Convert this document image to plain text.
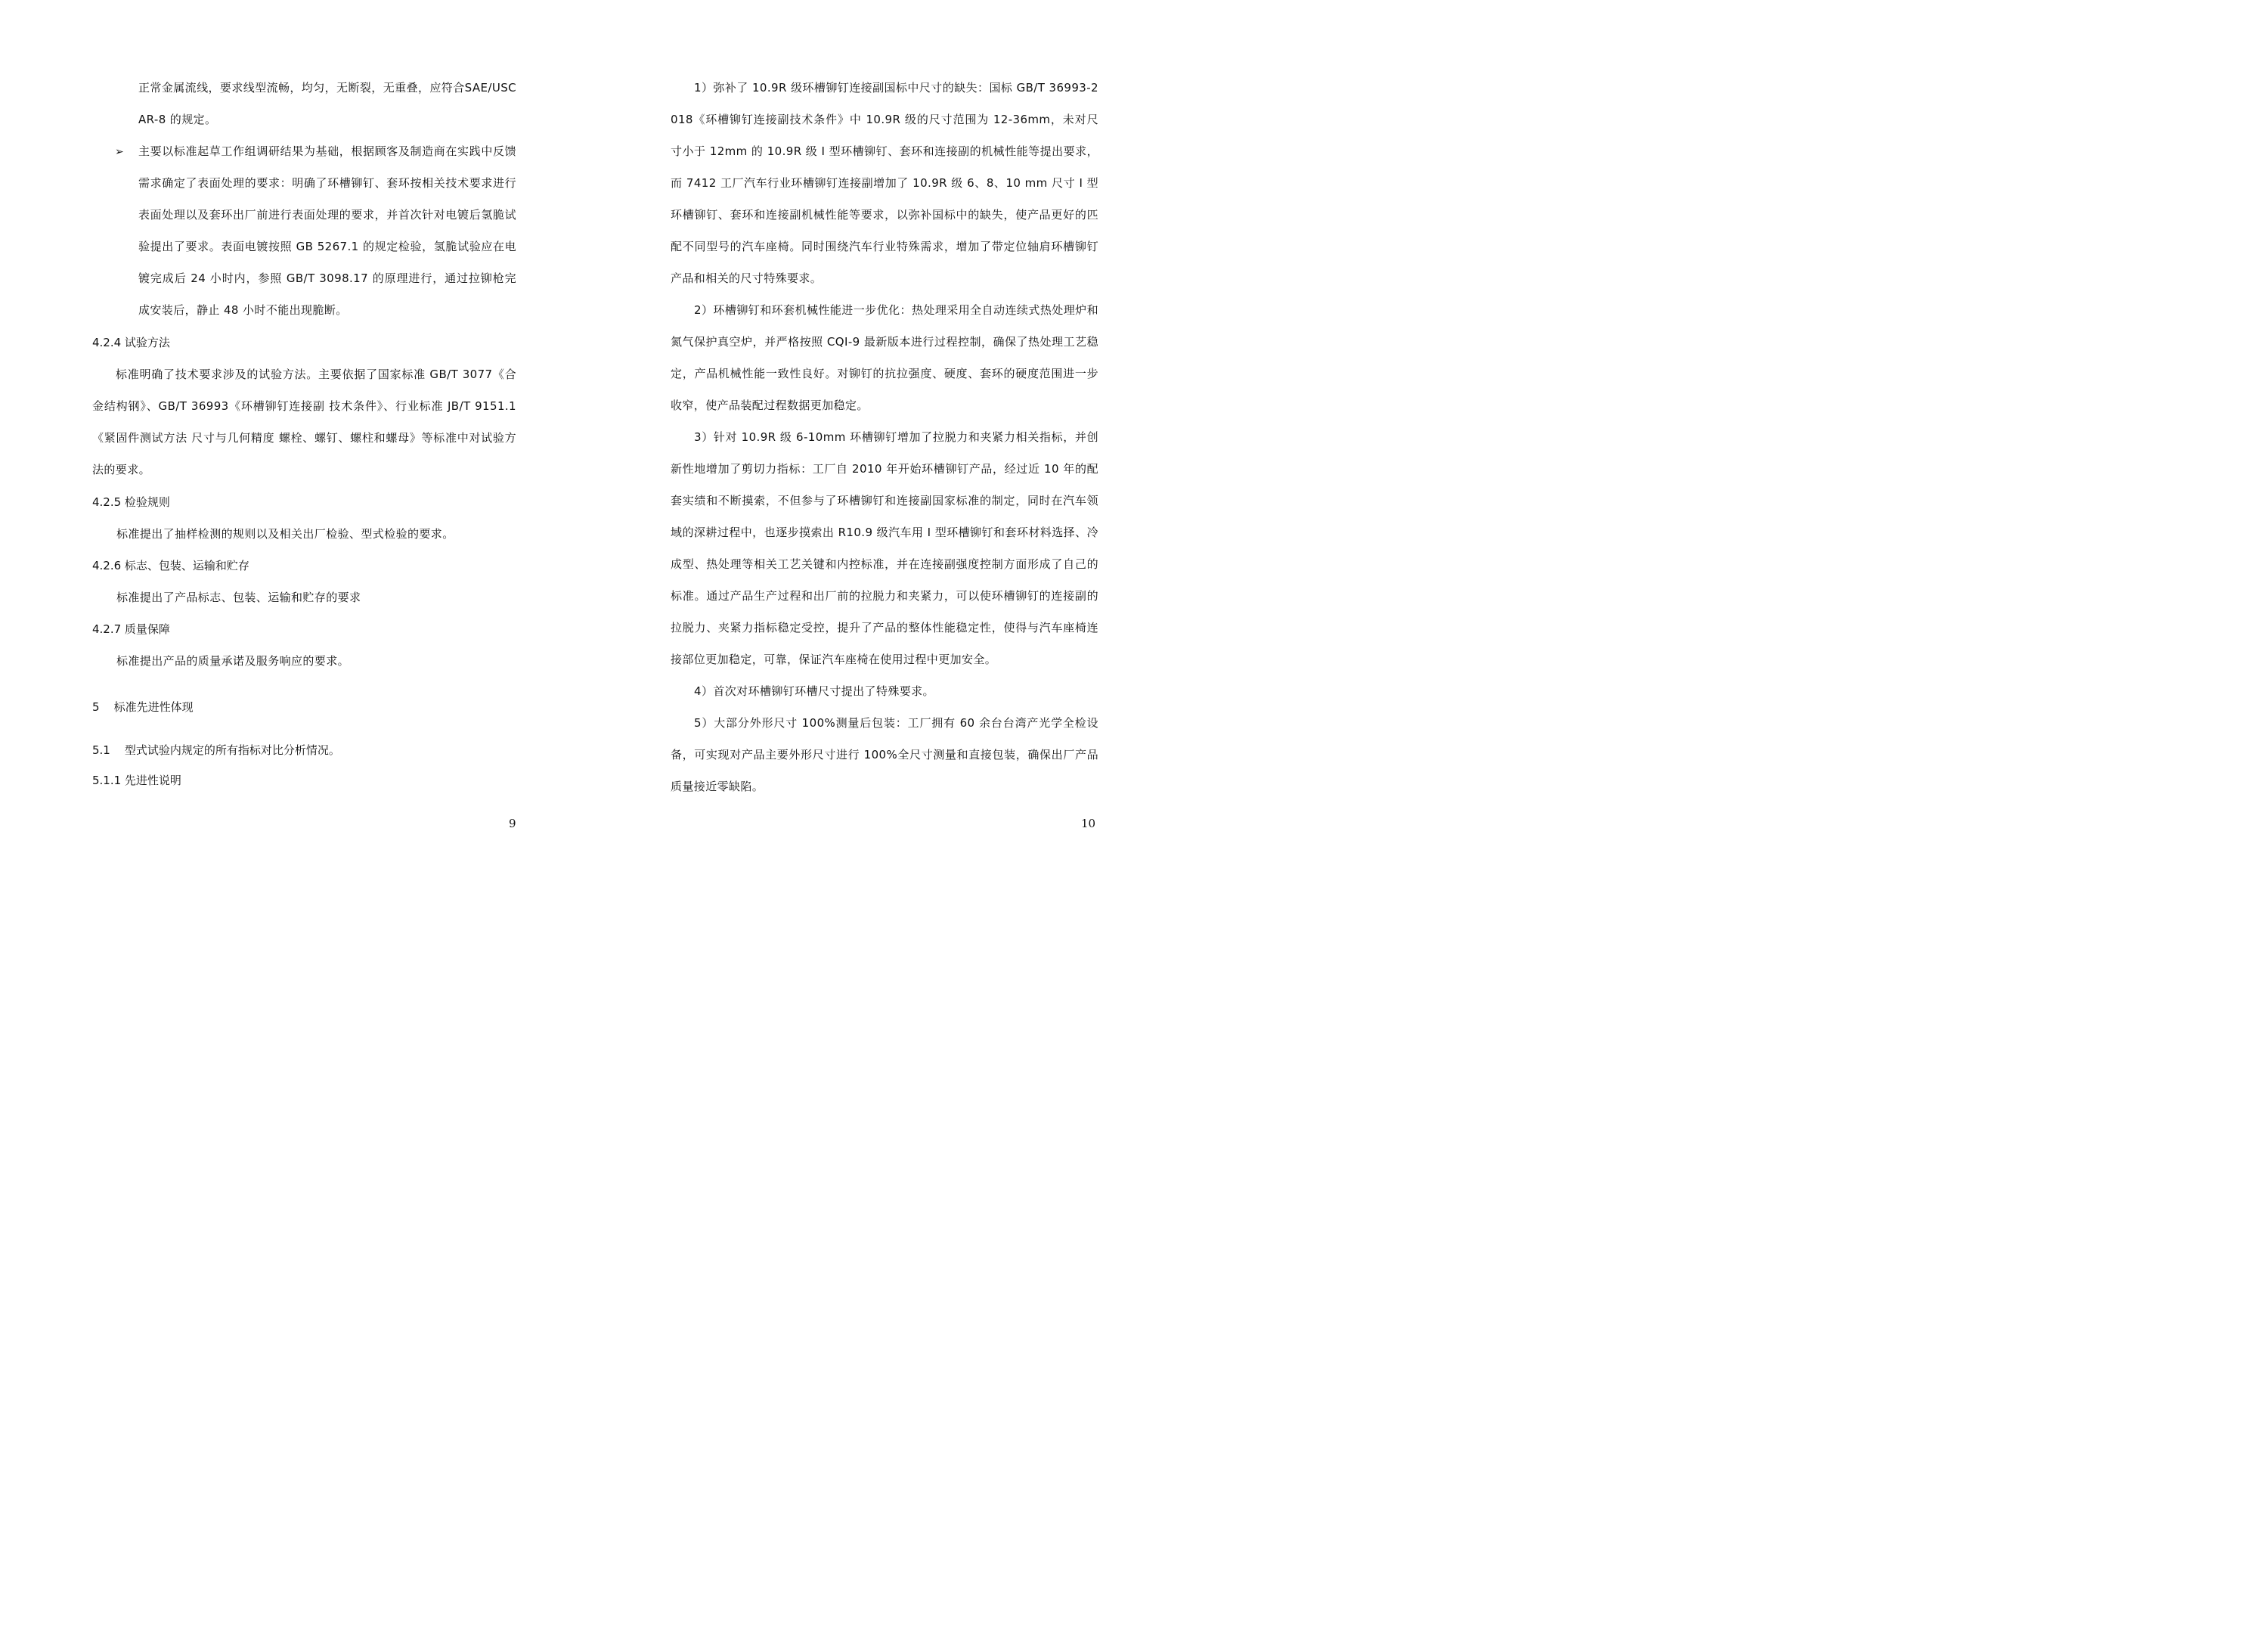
正常金属流线，要求线型流畅，均匀，无断裂，无重叠，应符合SAE/USCAR-8 的规定。

➢ 主要以标准起草工作组调研结果为基础，根据顾客及制造商在实践中反馈需求确定了表面处理的要求：明确了环槽铆钉、套环按相关技术要求进行表面处理以及套环出厂前进行表面处理的要求，并首次针对电镀后氢脆试验提出了要求。表面电镀按照 GB 5267.1 的规定检验，氢脆试验应在电镀完成后 24 小时内，参照 GB/T 3098.17 的原理进行，通过拉铆枪完成安装后，静止 48 小时不能出现脆断。

4.2.4 试验方法

标准明确了技术要求涉及的试验方法。主要依据了国家标准 GB/T 3077《合金结构钢》、GB/T 36993《环槽铆钉连接副 技术条件》、行业标准 JB/T 9151.1《紧固件测试方法 尺寸与几何精度 螺栓、螺钉、螺柱和螺母》等标准中对试验方法的要求。

4.2.5 检验规则

标准提出了抽样检测的规则以及相关出厂检验、型式检验的要求。

4.2.6 标志、包装、运输和贮存

标准提出了产品标志、包装、运输和贮存的要求

4.2.7 质量保障

标准提出产品的质量承诺及服务响应的要求。

5    标准先进性体现
5.1    型式试验内规定的所有指标对比分析情况。
5.1.1 先进性说明
9

1）弥补了 10.9R 级环槽铆钉连接副国标中尺寸的缺失：国标 GB/T 36993-2018《环槽铆钉连接副技术条件》中 10.9R 级的尺寸范围为 12-36mm，未对尺寸小于 12mm 的 10.9R 级 I 型环槽铆钉、套环和连接副的机械性能等提出要求，而 7412 工厂汽车行业环槽铆钉连接副增加了 10.9R 级 6、8、10 mm 尺寸 I 型环槽铆钉、套环和连接副机械性能等要求，以弥补国标中的缺失，使产品更好的匹配不同型号的汽车座椅。同时围绕汽车行业特殊需求，增加了带定位轴肩环槽铆钉产品和相关的尺寸特殊要求。

2）环槽铆钉和环套机械性能进一步优化：热处理采用全自动连续式热处理炉和氮气保护真空炉，并严格按照 CQI-9 最新版本进行过程控制，确保了热处理工艺稳定，产品机械性能一致性良好。对铆钉的抗拉强度、硬度、套环的硬度范围进一步收窄，使产品装配过程数据更加稳定。

3）针对 10.9R 级 6-10mm 环槽铆钉增加了拉脱力和夹紧力相关指标，并创新性地增加了剪切力指标：工厂自 2010 年开始环槽铆钉产品，经过近 10 年的配套实绩和不断摸索，不但参与了环槽铆钉和连接副国家标准的制定，同时在汽车领域的深耕过程中，也逐步摸索出 R10.9 级汽车用 I 型环槽铆钉和套环材料选择、冷成型、热处理等相关工艺关键和内控标准，并在连接副强度控制方面形成了自己的标准。通过产品生产过程和出厂前的拉脱力和夹紧力，可以使环槽铆钉的连接副的拉脱力、夹紧力指标稳定受控，提升了产品的整体性能稳定性，使得与汽车座椅连接部位更加稳定，可靠，保证汽车座椅在使用过程中更加安全。

4）首次对环槽铆钉环槽尺寸提出了特殊要求。

5）大部分外形尺寸 100%测量后包装：工厂拥有 60 余台台湾产光学全检设备，可实现对产品主要外形尺寸进行 100%全尺寸测量和直接包装，确保出厂产品质量接近零缺陷。

10
